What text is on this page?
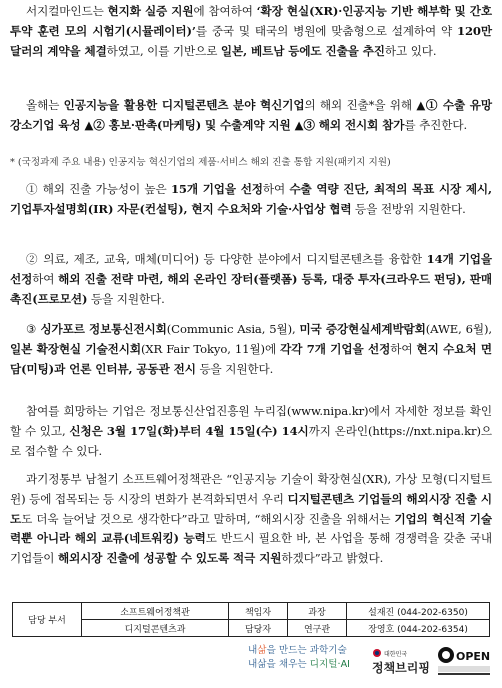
서지컬마인드는 현지화 실증 지원에 참여하여 ‘확장 현실(XR)·인공지능 기반 해부학 및 간호 투약 훈련 모의 시험기(시뮬레이터)’를 중국 및 태국의 병원에 맞춤형으로 설계하여 약 120만 달러의 계약을 체결하였고, 이를 기반으로 일본, 베트남 등에도 진출을 추진하고 있다.

올해는 인공지능을 활용한 디지털콘텐츠 분야 혁신기업의 해외 진출*을 위해 ▲① 수출 유망 강소기업 육성 ▲② 홍보·판촉(마케팅) 및 수출계약 지원 ▲③ 해외 전시회 참가를 추진한다.

* (국정과제 주요 내용) 인공지능 혁신기업의 제품·서비스 해외 진출 통합 지원(패키지 지원)

① 해외 진출 가능성이 높은 15개 기업을 선정하여 수출 역량 진단, 최적의 목표 시장 제시, 기업투자설명회(IR) 자문(컨설팅), 현지 수요처와 기술·사업상 협력 등을 전방위 지원한다.

② 의료, 제조, 교육, 매체(미디어) 등 다양한 분야에서 디지털콘텐츠를 융합한 14개 기업을 선정하여 해외 진출 전략 마련, 해외 온라인 장터(플랫폼) 등록, 대중 투자(크라우드 펀딩), 판매촉진(프로모션) 등을 지원한다.

③ 싱가포르 정보통신전시회(Communic Asia, 5월), 미국 증강현실세계박람회(AWE, 6월), 일본 확장현실 기술전시회(XR Fair Tokyo, 11월)에 각각 7개 기업을 선정하여 현지 수요처 면담(미팅)과 언론 인터뷰, 공동관 전시 등을 지원한다.

참여를 희망하는 기업은 정보통신산업진흥원 누리집(www.nipa.kr)에서 자세한 정보를 확인할 수 있고, 신청은 3월 17일(화)부터 4월 15일(수) 14시까지 온라인(https://nxt.nipa.kr)으로 접수할 수 있다.

과기정통부 남철기 소프트웨어정책관은 “인공지능 기술이 확장현실(XR), 가상 모형(디지털트윈) 등에 접목되는 등 시장의 변화가 본격화되면서 우리 디지털콘텐츠 기업들의 해외시장 진출 시도도 더욱 늘어날 것으로 생각한다”라고 말하며, “해외시장 진출을 위해서는 기업의 혁신적 기술력뿐 아니라 해외 교류(네트워킹) 능력도 반드시 필요한 바, 본 사업을 통해 경쟁력을 갖춘 국내기업들이 해외시장 진출에 성공할 수 있도록 적극 지원하겠다”라고 밝혔다.

담당 부서	소프트웨어정책관	책임자	과장	설재진 (044-202-6350)
	디지털콘텐츠과	담당자	연구관	장영호 (044-202-6354)
내삶을 만드는 과학기술
내삶을 채우는 디지털·AI
대한민국
정책브리핑
OPEN
